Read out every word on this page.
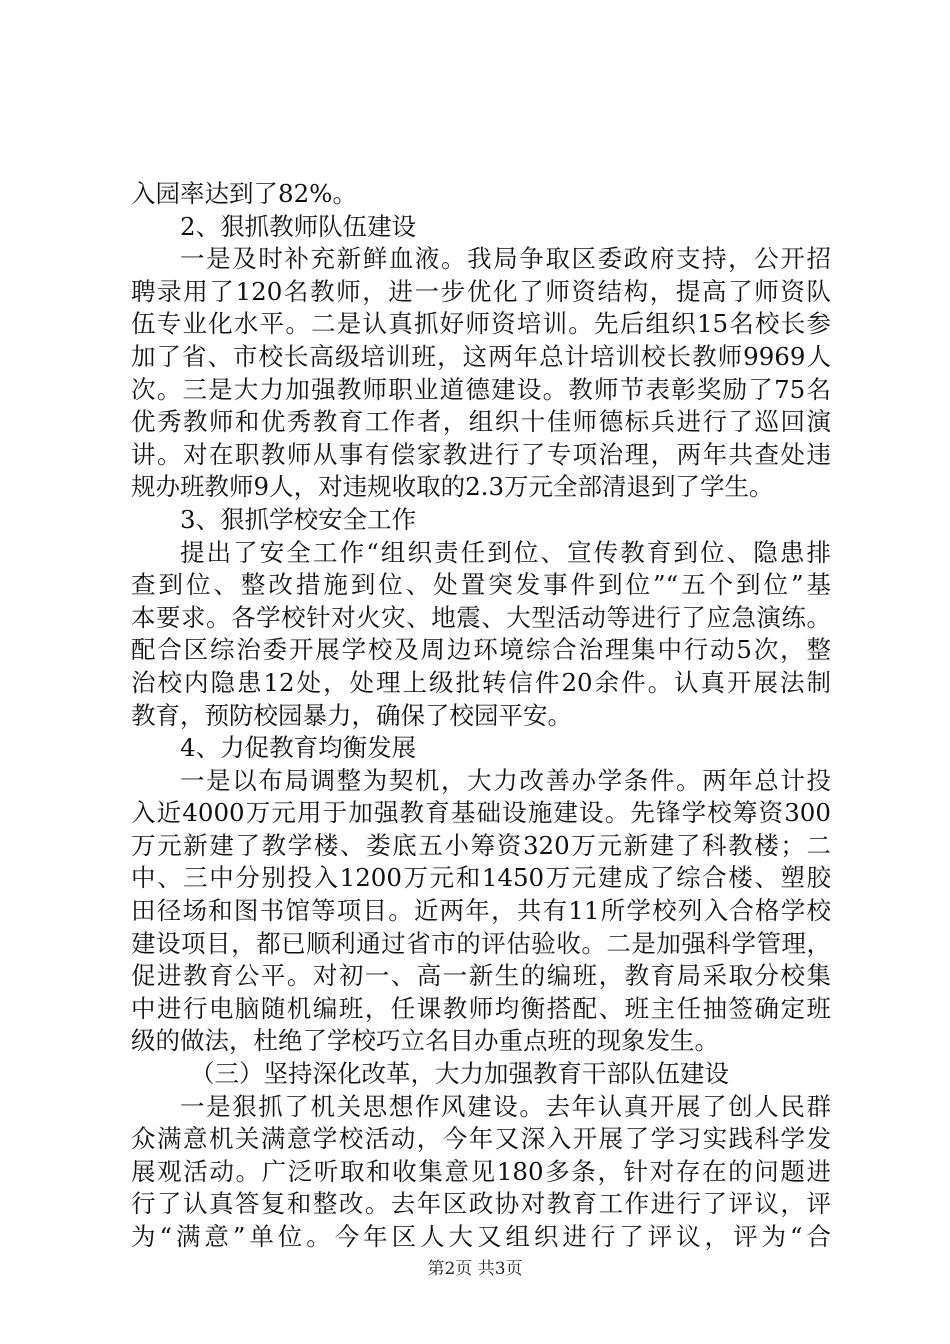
入园率达到了82%。
2、狠抓教师队伍建设
一是及时补充新鲜血液。我局争取区委政府支持，公开招
聘录用了120名教师，进一步优化了师资结构，提高了师资队
伍专业化水平。二是认真抓好师资培训。先后组织15名校长参
加了省、市校长高级培训班，这两年总计培训校长教师9969人
次。三是大力加强教师职业道德建设。教师节表彰奖励了75名
优秀教师和优秀教育工作者，组织十佳师德标兵进行了巡回演
讲。对在职教师从事有偿家教进行了专项治理，两年共查处违
规办班教师9人，对违规收取的2.3万元全部清退到了学生。
3、狠抓学校安全工作
提出了安全工作“组织责任到位、宣传教育到位、隐患排
查到位、整改措施到位、处置突发事件到位”“五个到位”基
本要求。各学校针对火灾、地震、大型活动等进行了应急演练。
配合区综治委开展学校及周边环境综合治理集中行动5次，整
治校内隐患12处，处理上级批转信件20余件。认真开展法制
教育，预防校园暴力，确保了校园平安。
4、力促教育均衡发展
一是以布局调整为契机，大力改善办学条件。两年总计投
入近4000万元用于加强教育基础设施建设。先锋学校筹资300
万元新建了教学楼、娄底五小筹资320万元新建了科教楼；二
中、三中分别投入1200万元和1450万元建成了综合楼、塑胶
田径场和图书馆等项目。近两年，共有11所学校列入合格学校
建设项目，都已顺利通过省市的评估验收。二是加强科学管理，
促进教育公平。对初一、高一新生的编班，教育局采取分校集
中进行电脑随机编班，任课教师均衡搭配、班主任抽签确定班
级的做法，杜绝了学校巧立名目办重点班的现象发生。
（三）坚持深化改革，大力加强教育干部队伍建设
一是狠抓了机关思想作风建设。去年认真开展了创人民群
众满意机关满意学校活动，今年又深入开展了学习实践科学发
展观活动。广泛听取和收集意见180多条，针对存在的问题进
行了认真答复和整改。去年区政协对教育工作进行了评议，评
为“满意”单位。今年区人大又组织进行了评议，评为“合
第2页 共3页
